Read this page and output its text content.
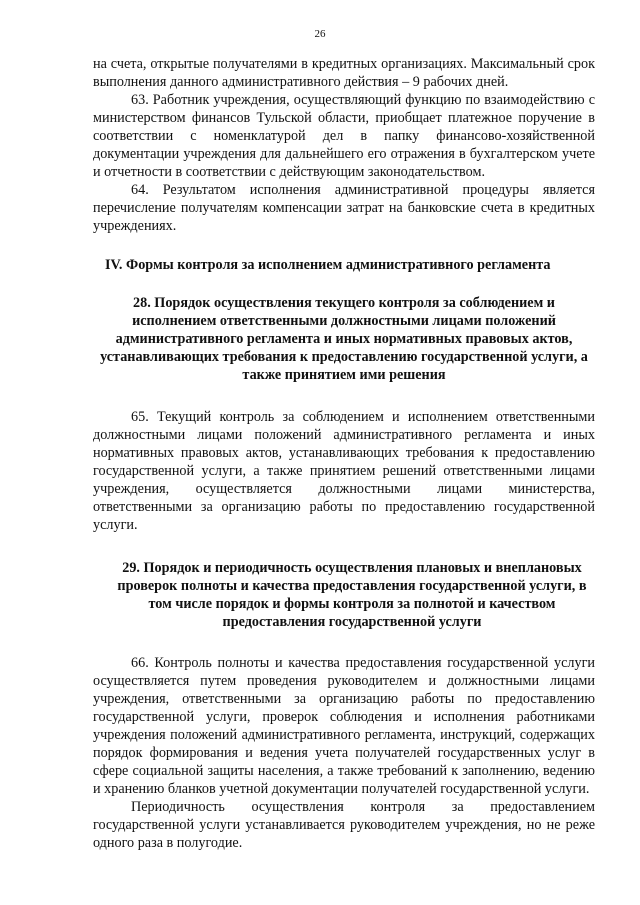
26

на счета, открытые получателями в кредитных организациях. Максимальный срок выполнения данного административного действия – 9 рабочих дней.

63. Работник учреждения, осуществляющий функцию по взаимодействию с министерством финансов Тульской области, приобщает платежное поручение в соответствии с номенклатурой дел в папку финансово-хозяйственной документации учреждения для дальнейшего его отражения в бухгалтерском учете и отчетности в соответствии с действующим законодательством.

64. Результатом исполнения административной процедуры является перечисление получателям компенсации затрат на банковские счета в кредитных учреждениях.

IV. Формы контроля за исполнением административного регламента
28. Порядок осуществления текущего контроля за соблюдением и исполнением ответственными должностными лицами положений административного регламента и иных нормативных правовых актов, устанавливающих требования к предоставлению государственной услуги, а также принятием ими решения

65. Текущий контроль за соблюдением и исполнением ответственными должностными лицами положений административного регламента и иных нормативных правовых актов, устанавливающих требования к предоставлению государственной услуги, а также принятием решений ответственными лицами учреждения, осуществляется должностными лицами министерства, ответственными за организацию работы по предоставлению государственной услуги.

29. Порядок и периодичность осуществления плановых и внеплановых проверок полноты и качества предоставления государственной услуги, в том числе порядок и формы контроля за полнотой и качеством предоставления государственной услуги

66. Контроль полноты и качества предоставления государственной услуги осуществляется путем проведения руководителем и должностными лицами учреждения, ответственными за организацию работы по предоставлению государственной услуги, проверок соблюдения и исполнения работниками учреждения положений административного регламента, инструкций, содержащих порядок формирования и ведения учета получателей государственных услуг в сфере социальной защиты населения, а также требований к заполнению, ведению и хранению бланков учетной документации получателей государственной услуги.

Периодичность осуществления контроля за предоставлением государственной услуги устанавливается руководителем учреждения, но не реже одного раза в полугодие.
